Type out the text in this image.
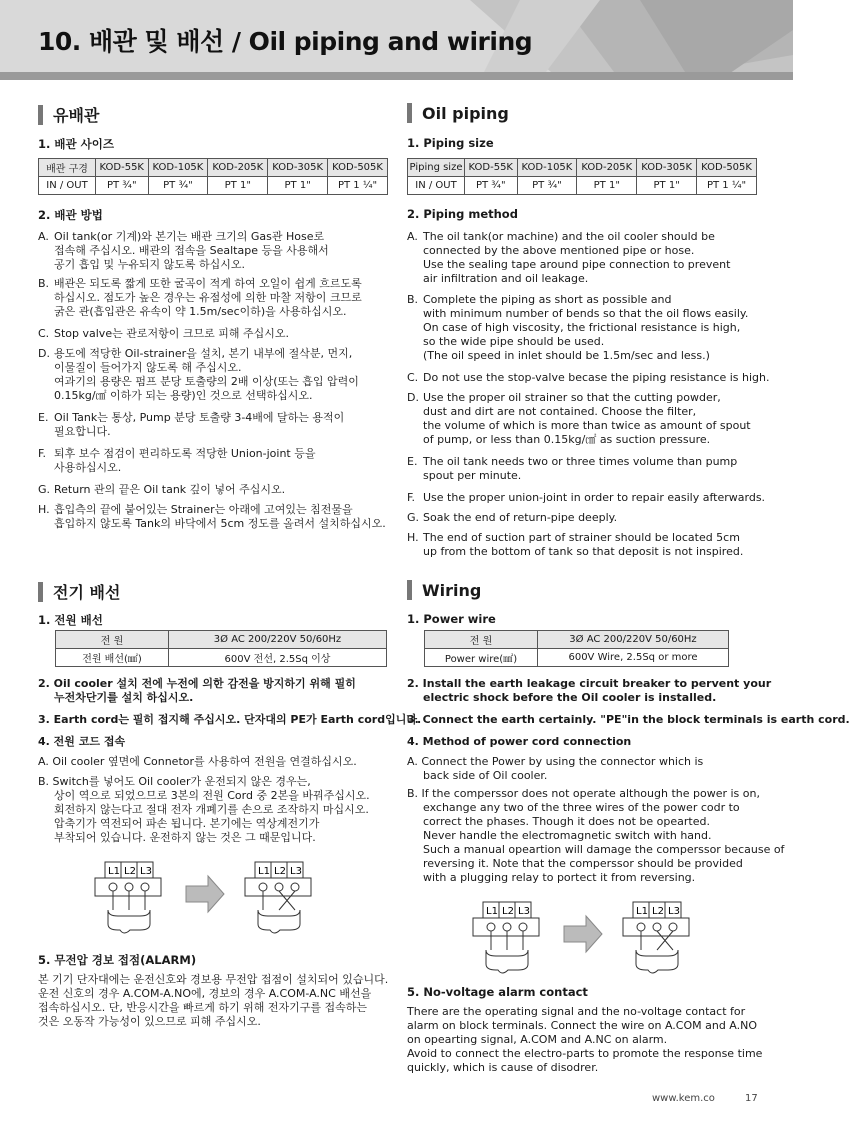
10. 배관 및 배선 / Oil piping and wiring
유배관
1. 배관 사이즈
배관 구경	KOD-55K	KOD-105K	KOD-205K	KOD-305K	KOD-505K
IN / OUT	PT ¾"	PT ¾"	PT 1"	PT 1"	PT 1 ¼"
2. 배관 방법
A. Oil tank(or 기계)와 본기는 배관 크기의 Gas관 Hose로
접속해 주십시오. 배관의 접속을 Sealtape 등을 사용해서
공기 흡입 및 누유되지 않도록 하십시오.
B. 배관은 되도록 짧게 또한 굴곡이 적게 하여 오일이 쉽게 흐르도록
하십시오. 점도가 높은 경우는 유점성에 의한 마찰 저항이 크므로
굵은 관(흡입관은 유속이 약 1.5m/sec이하)을 사용하십시오.
C. Stop valve는 관로저항이 크므로 피해 주십시오.
D. 용도에 적당한 Oil-strainer을 설치, 본기 내부에 절삭분, 먼지,
이물질이 들어가지 않도록 해 주십시오.
여과기의 용량은 펌프 분당 토출량의 2배 이상(또는 흡입 압력이
0.15kg/㎠ 이하가 되는 용량)인 것으로 선택하십시오.
E. Oil Tank는 통상, Pump 분당 토출량 3-4배에 달하는 용적이
필요합니다.
F. 퇴후 보수 점검이 편리하도록 적당한 Union-joint 등을
사용하십시오.
G. Return 관의 끝은 Oil tank 깊이 넣어 주십시오.
H. 흡입측의 끝에 붙어있는 Strainer는 아래에 고여있는 침전물을
흡입하지 않도록 Tank의 바닥에서 5cm 정도를 올려서 설치하십시오.
전기 배선
1. 전원 배선
전 원	3Ø AC 200/220V 50/60Hz
전원 배선(㎟)	600V 전선, 2.5Sq 이상
2. Oil cooler 설치 전에 누전에 의한 감전을 방지하기 위해 필히
누전차단기를 설치 하십시오.
3. Earth cord는 필히 접지해 주십시오. 단자대의 PE가 Earth cord입니다.
4. 전원 코드 접속
A. Oil cooler 옆면에 Connetor를 사용하여 전원을 연결하십시오.
B. Switch를 넣어도 Oil cooler가 운전되지 않은 경우는,
상이 역으로 되었으므로 3본의 전원 Cord 중 2본을 바꿔주십시오.
회전하지 않는다고 절대 전자 개폐기를 손으로 조작하지 마십시오.
압축기가 역전되어 파손 됩니다. 본기에는 역상계전기가
부착되어 있습니다. 운전하지 않는 것은 그 때문입니다.
L1 L2 L3	L1 L2 L3
5. 무전압 경보 접점(ALARM)
본 기기 단자대에는 운전신호와 경보용 무전압 접점이 설치되어 있습니다.
운전 신호의 경우 A.COM-A.NO에, 경보의 경우 A.COM-A.NC 배선을
접속하십시오. 단, 반응시간을 빠르게 하기 위해 전자기구를 접속하는
것은 오동작 가능성이 있으므로 피해 주십시오.
Oil piping
1. Piping size
Piping size	KOD-55K	KOD-105K	KOD-205K	KOD-305K	KOD-505K
IN / OUT	PT ¾"	PT ¾"	PT 1"	PT 1"	PT 1 ¼"
2. Piping method
A. The oil tank(or machine) and the oil cooler should be
connected by the above mentioned pipe or hose.
Use the sealing tape around pipe connection to prevent
air infiltration and oil leakage.
B. Complete the piping as short as possible and
with minimum number of bends so that the oil flows easily.
On case of high viscosity, the frictional resistance is high,
so the wide pipe should be used.
(The oil speed in inlet should be 1.5m/sec and less.)
C. Do not use the stop-valve becase the piping resistance is high.
D. Use the proper oil strainer so that the cutting powder,
dust and dirt are not contained. Choose the filter,
the volume of which is more than twice as amount of spout
of pump, or less than 0.15kg/㎠ as suction pressure.
E. The oil tank needs two or three times volume than pump
spout per minute.
F. Use the proper union-joint in order to repair easily afterwards.
G. Soak the end of return-pipe deeply.
H. The end of suction part of strainer should be located 5cm
up from the bottom of tank so that deposit is not inspired.
Wiring
1. Power wire
전 원	3Ø AC 200/220V 50/60Hz
Power wire(㎟)	600V Wire, 2.5Sq or more
2. Install the earth leakage circuit breaker to pervent your
electric shock before the Oil cooler is installed.
3. Connect the earth certainly. "PE"in the block terminals is earth cord.
4. Method of power cord connection
A. Connect the Power by using the connector which is
back side of Oil cooler.
B. If the comperssor does not operate although the power is on,
exchange any two of the three wires of the power codr to
correct the phases. Though it does not be opearted.
Never handle the electromagnetic switch with hand.
Such a manual opeartion will damage the comperssor because of
reversing it. Note that the comperssor should be provided
with a plugging relay to portect it from reversing.
L1 L2 L3	L1 L2 L3
5. No-voltage alarm contact
There are the operating signal and the no-voltage contact for
alarm on block terminals. Connect the wire on A.COM and A.NO
on opearting signal, A.COM and A.NC on alarm.
Avoid to connect the electro-parts to promote the response time
quickly, which is cause of disodrer.
www.kem.co	17
